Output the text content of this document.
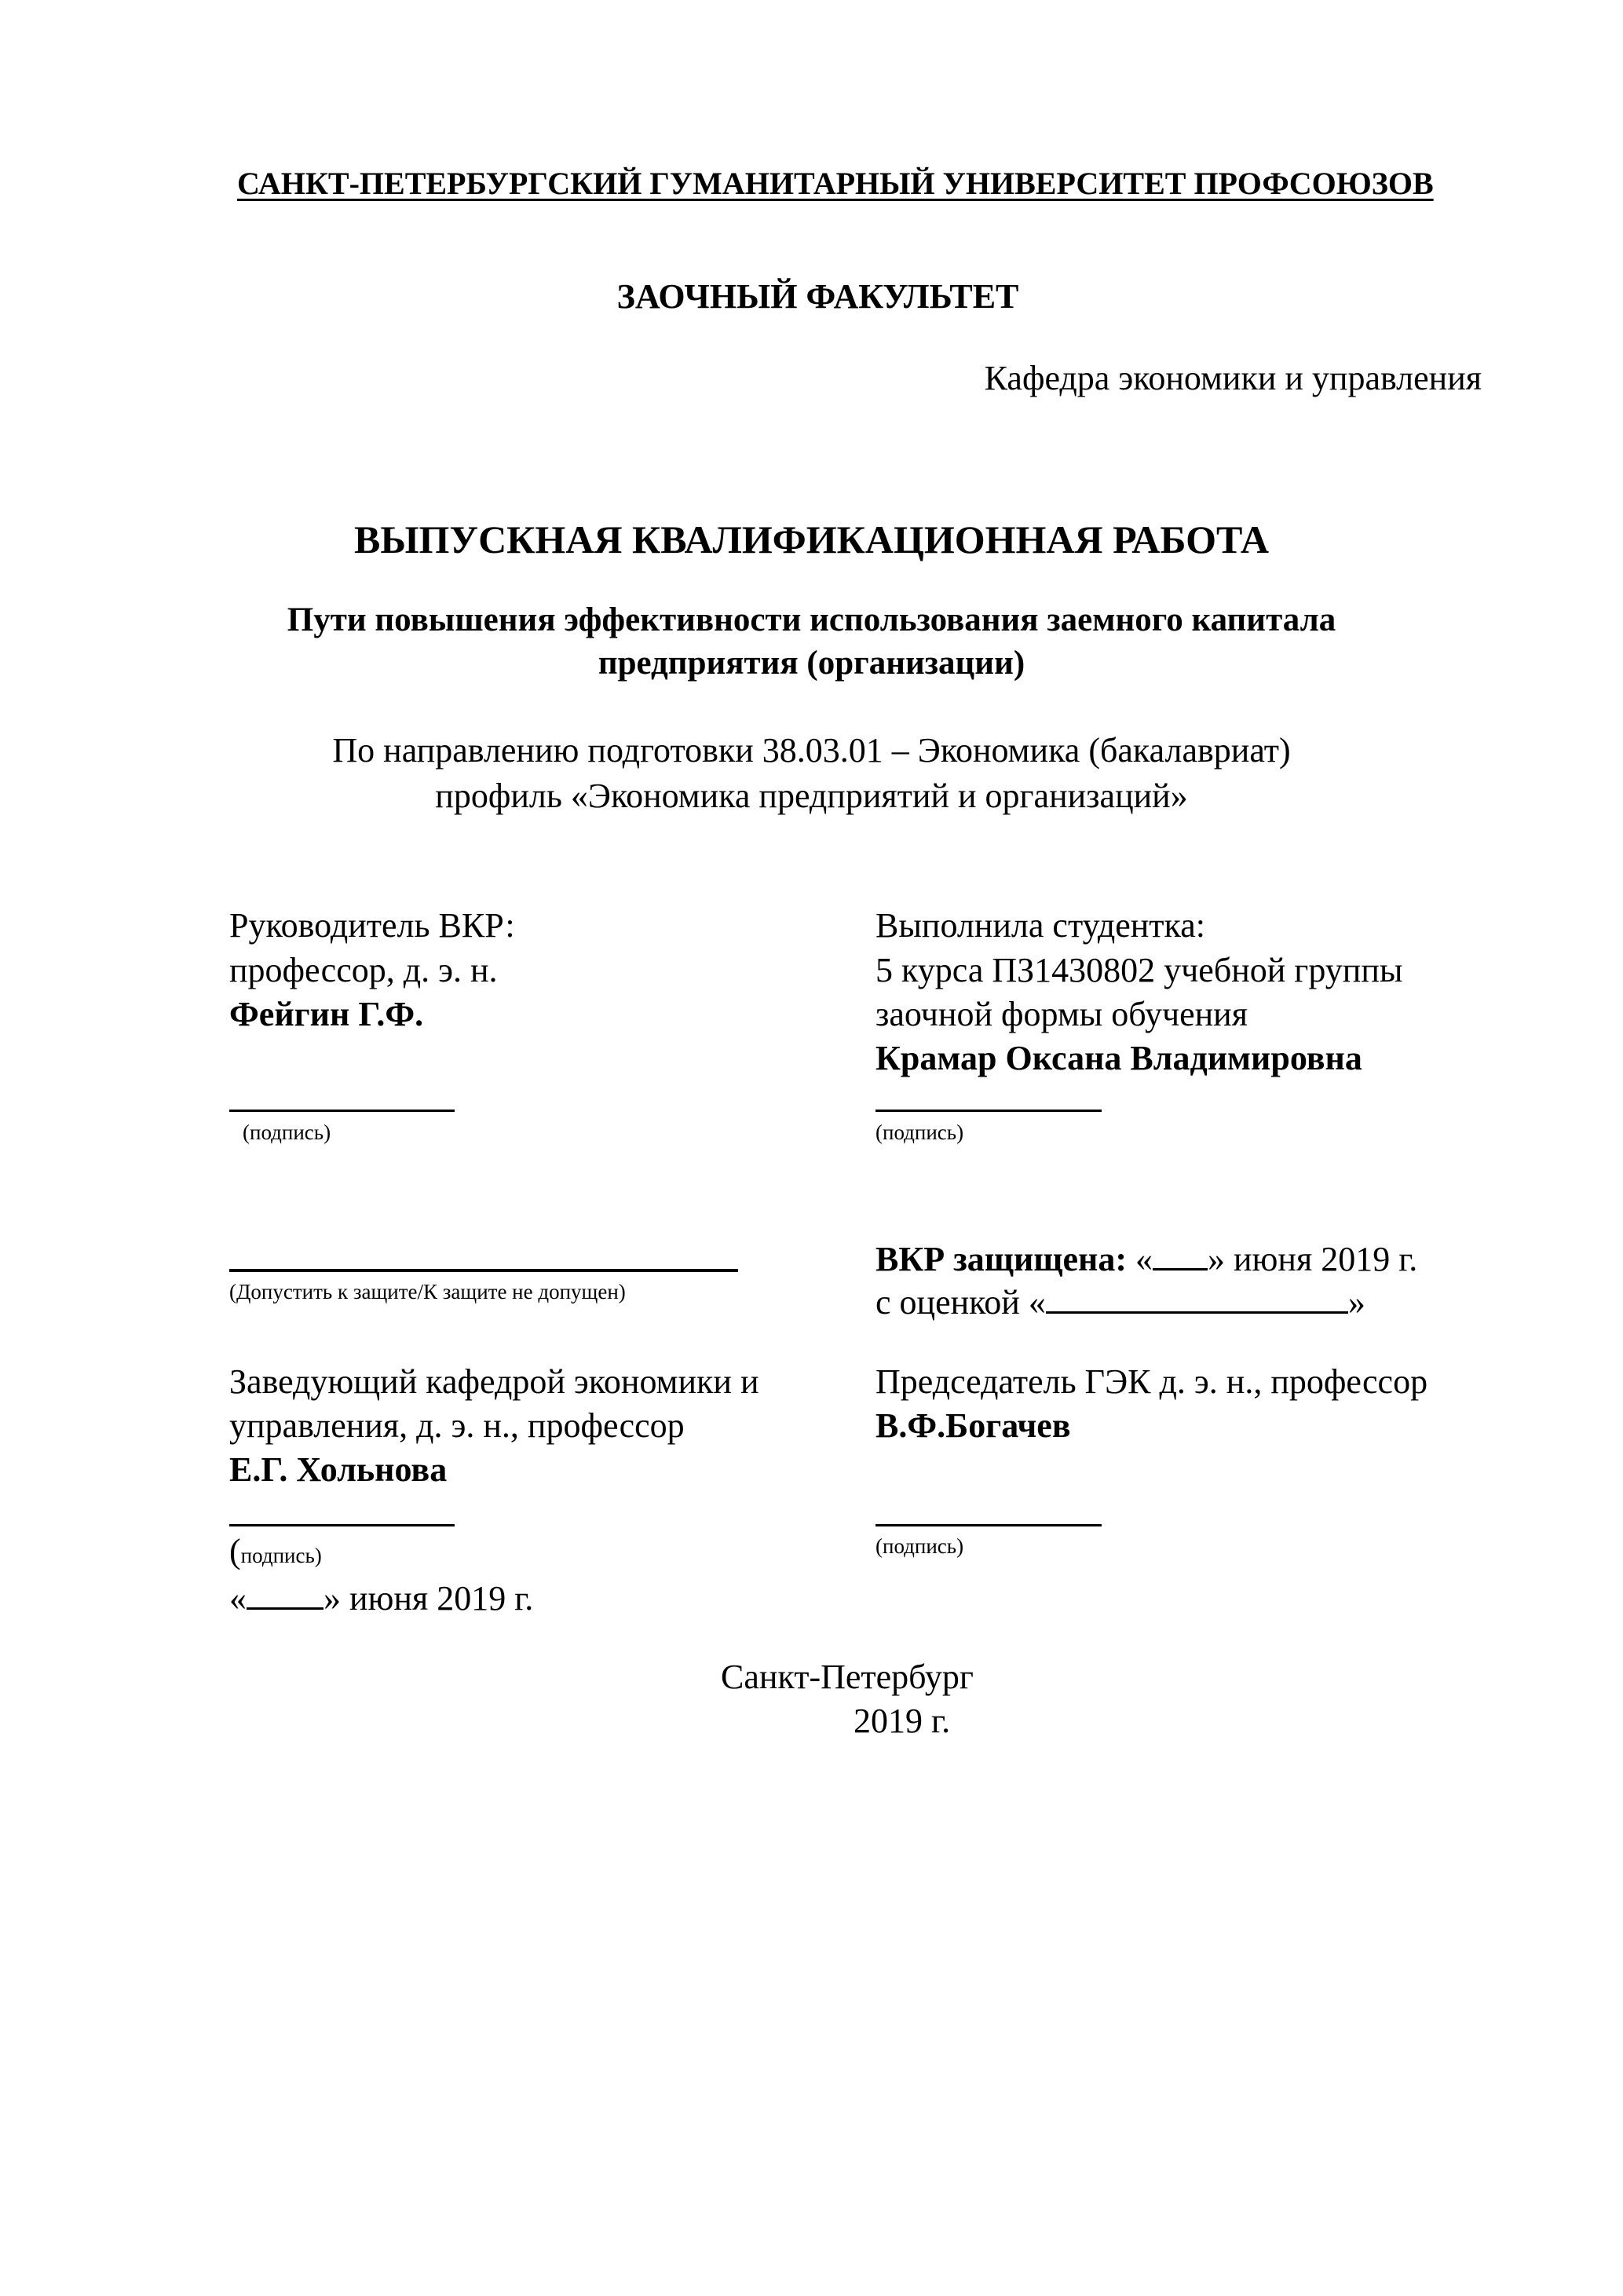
САНКТ-ПЕТЕРБУРГСКИЙ ГУМАНИТАРНЫЙ УНИВЕРСИТЕТ ПРОФСОЮЗОВ
ЗАОЧНЫЙ ФАКУЛЬТЕТ
Кафедра экономики и управления
ВЫПУСКНАЯ КВАЛИФИКАЦИОННАЯ РАБОТА
Пути повышения эффективности использования заемного капитала
предприятия (организации)
По направлению подготовки 38.03.01 – Экономика (бакалавриат)
профиль «Экономика предприятий и организаций»
Руководитель ВКР:
профессор, д. э. н.
Фейгин Г.Ф.
(подпись)
Выполнила студентка:
5 курса ПЗ1430802 учебной группы
заочной формы обучения
Крамар Оксана Владимировна
(подпись)
(Допустить к защите/К защите не допущен)
ВКР защищена: « » июня 2019 г.
с оценкой «	»
Заведующий кафедрой экономики и
управления, д. э. н., профессор
Е.Г. Хольнова
(подпись)
« » июня 2019 г.
Председатель ГЭК д. э. н., профессор
В.Ф.Богачев
(подпись)
Санкт-Петербург
2019 г.
